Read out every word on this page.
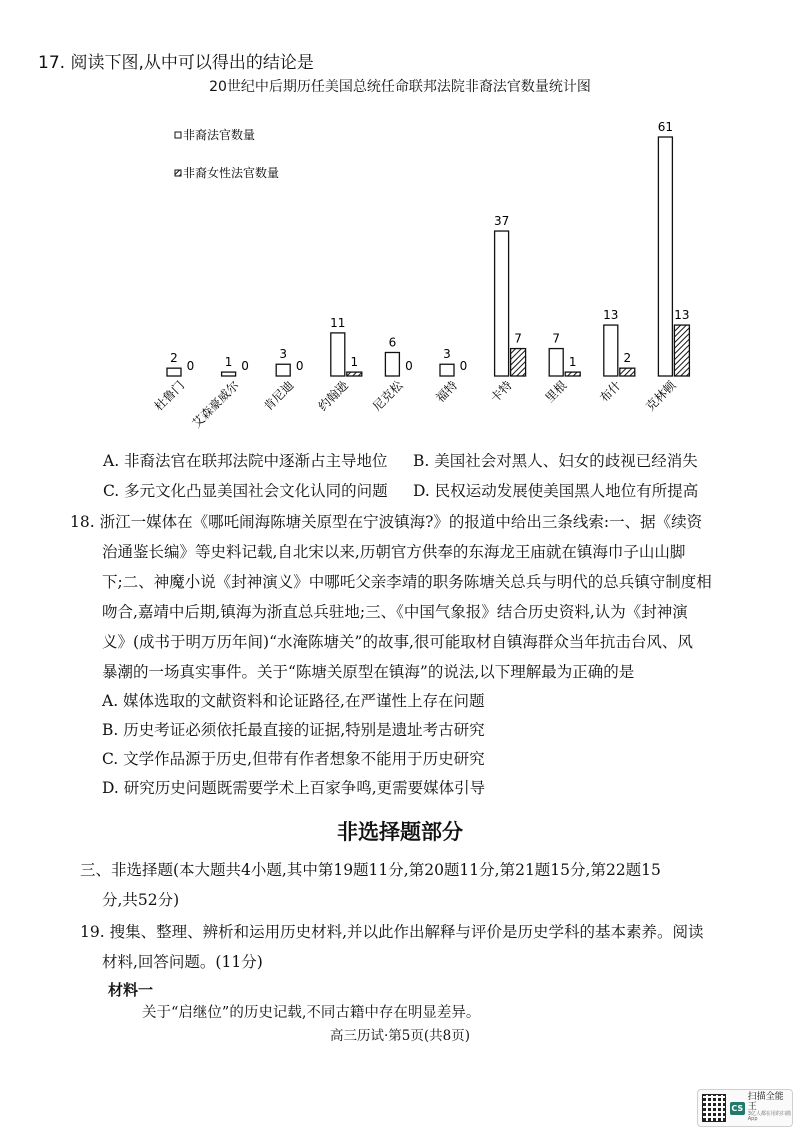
17. 阅读下图,从中可以得出的结论是
20世纪中后期历任美国总统任命联邦法院非裔法官数量统计图
非裔法官数量
非裔女性法官数量
2
0
杜鲁门
1 0
艾森豪威尔
3
0
肯尼迪
11
1
约翰逊
6
0
尼克松
3
0
福特
37
7
卡特
7
1
里根
13
2
布什
61
13
克林顿
A. 非裔法官在联邦法院中逐渐占主导地位 B. 美国社会对黑人、妇女的歧视已经消失
C. 多元文化凸显美国社会文化认同的问题 D. 民权运动发展使美国黑人地位有所提高
18. 浙江一媒体在《哪吒闹海陈塘关原型在宁波镇海?》的报道中给出三条线索:一、据《续资
治通鉴长编》等史料记载,自北宋以来,历朝官方供奉的东海龙王庙就在镇海巾子山山脚
下;二、神魔小说《封神演义》中哪吒父亲李靖的职务陈塘关总兵与明代的总兵镇守制度相
吻合,嘉靖中后期,镇海为浙直总兵驻地;三、《中国气象报》结合历史资料,认为《封神演
义》(成书于明万历年间)“水淹陈塘关”的故事,很可能取材自镇海群众当年抗击台风、风
暴潮的一场真实事件。关于“陈塘关原型在镇海”的说法,以下理解最为正确的是
A. 媒体选取的文献资料和论证路径,在严谨性上存在问题
B. 历史考证必须依托最直接的证据,特别是遗址考古研究
C. 文学作品源于历史,但带有作者想象不能用于历史研究
D. 研究历史问题既需要学术上百家争鸣,更需要媒体引导
非选择题部分
三、非选择题(本大题共4小题,其中第19题11分,第20题11分,第21题15分,第22题15
分,共52分)
19. 搜集、整理、辨析和运用历史材料,并以此作出解释与评价是历史学科的基本素养。阅读
材料,回答问题。(11分)
材料一
关于“启继位”的历史记载,不同古籍中存在明显差异。
高三历试·第5页(共8页)
CS
扫描全能王
3亿人都在用的扫描App
